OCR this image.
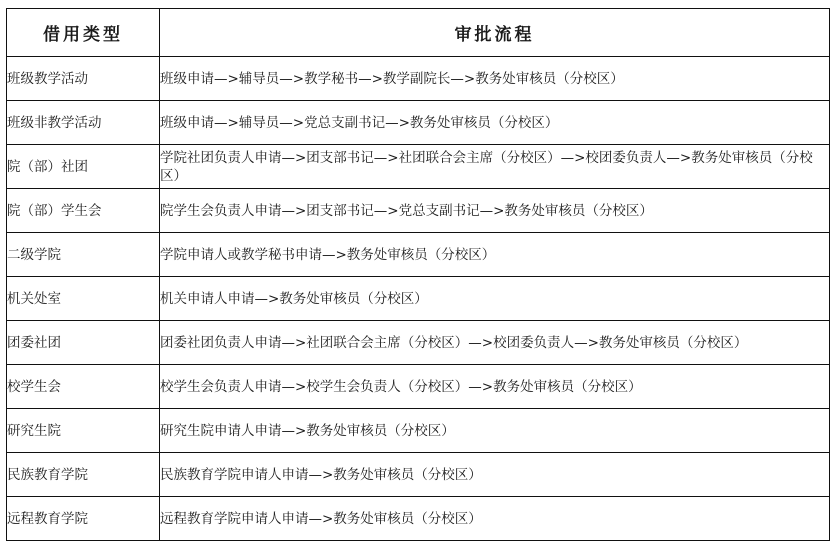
借用类型	审批流程
班级教学活动	班级申请—>辅导员—>教学秘书—>教学副院长—>教务处审核员（分校区）
班级非教学活动	班级申请—>辅导员—>党总支副书记—>教务处审核员（分校区）
院（部）社团	学院社团负责人申请—>团支部书记—>社团联合会主席（分校区）—>校团委负责人—>教务处审核员（分校区）
院（部）学生会	院学生会负责人申请—>团支部书记—>党总支副书记—>教务处审核员（分校区）
二级学院	学院申请人或教学秘书申请—>教务处审核员（分校区）
机关处室	机关申请人申请—>教务处审核员（分校区）
团委社团	团委社团负责人申请—>社团联合会主席（分校区）—>校团委负责人—>教务处审核员（分校区）
校学生会	校学生会负责人申请—>校学生会负责人（分校区）—>教务处审核员（分校区）
研究生院	研究生院申请人申请—>教务处审核员（分校区）
民族教育学院	民族教育学院申请人申请—>教务处审核员（分校区）
远程教育学院	远程教育学院申请人申请—>教务处审核员（分校区）
